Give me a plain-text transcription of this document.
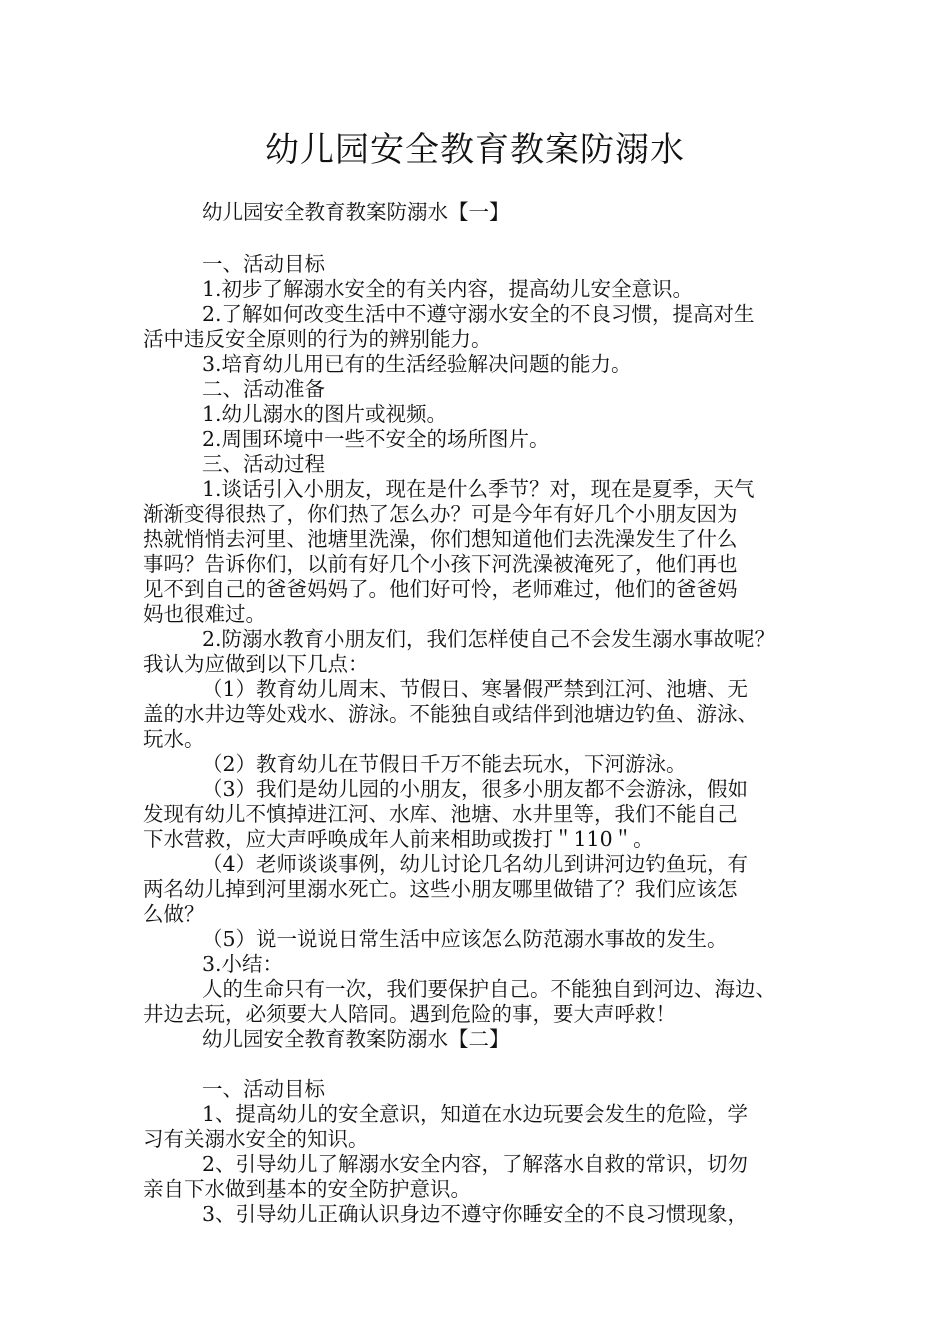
幼儿园安全教育教案防溺水
幼儿园安全教育教案防溺水【一】
一、活动目标
1.初步了解溺水安全的有关内容，提高幼儿安全意识。
2.了解如何改变生活中不遵守溺水安全的不良习惯，提高对生
活中违反安全原则的行为的辨别能力。
3.培育幼儿用已有的生活经验解决问题的能力。
二、活动准备
1.幼儿溺水的图片或视频。
2.周围环境中一些不安全的场所图片。
三、活动过程
1.谈话引入小朋友，现在是什么季节？对，现在是夏季，天气
渐渐变得很热了，你们热了怎么办？可是今年有好几个小朋友因为
热就悄悄去河里、池塘里洗澡，你们想知道他们去洗澡发生了什么
事吗？告诉你们，以前有好几个小孩下河洗澡被淹死了，他们再也
见不到自己的爸爸妈妈了。他们好可怜，老师难过，他们的爸爸妈
妈也很难过。
2.防溺水教育小朋友们，我们怎样使自己不会发生溺水事故呢？
我认为应做到以下几点：
（1）教育幼儿周末、节假日、寒暑假严禁到江河、池塘、无
盖的水井边等处戏水、游泳。不能独自或结伴到池塘边钓鱼、游泳、
玩水。
（2）教育幼儿在节假日千万不能去玩水，下河游泳。
（3）我们是幼儿园的小朋友，很多小朋友都不会游泳，假如
发现有幼儿不慎掉进江河、水库、池塘、水井里等，我们不能自己
下水营救，应大声呼唤成年人前来相助或拨打＂110＂。
（4）老师谈谈事例，幼儿讨论几名幼儿到讲河边钓鱼玩，有
两名幼儿掉到河里溺水死亡。这些小朋友哪里做错了？我们应该怎
么做？
（5）说一说说日常生活中应该怎么防范溺水事故的发生。
3.小结：
人的生命只有一次，我们要保护自己。不能独自到河边、海边、
井边去玩，必须要大人陪同。遇到危险的事，要大声呼救！
幼儿园安全教育教案防溺水【二】
一、活动目标
1、提高幼儿的安全意识，知道在水边玩要会发生的危险，学
习有关溺水安全的知识。
2、引导幼儿了解溺水安全内容，了解落水自救的常识，切勿
亲自下水做到基本的安全防护意识。
3、引导幼儿正确认识身边不遵守你睡安全的不良习惯现象，
